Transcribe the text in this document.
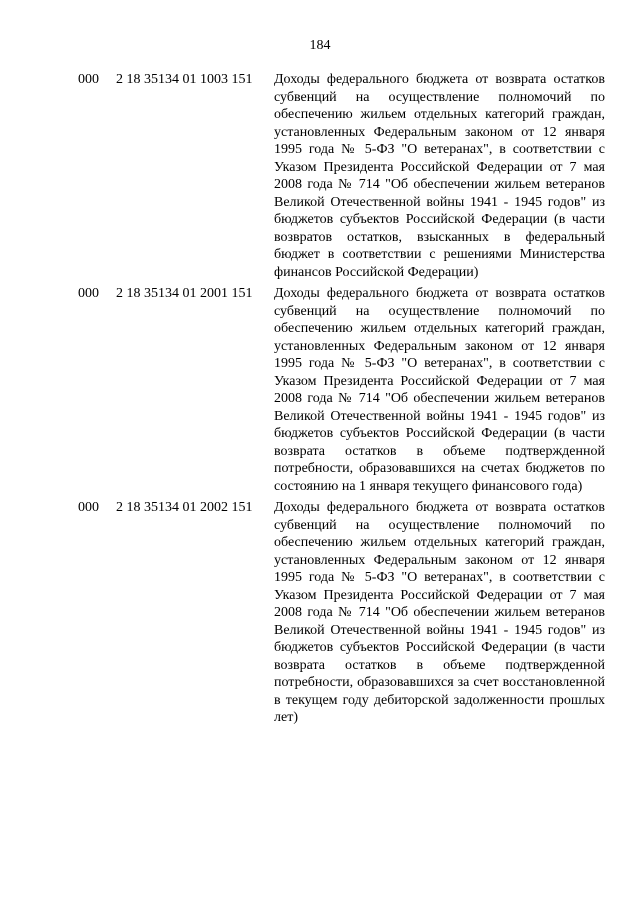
184
000 2 18 35134 01 1003 151 Доходы федерального бюджета от возврата остатков субвенций на осуществление полномочий по обеспечению жильем отдельных категорий граждан, установленных Федеральным законом от 12 января 1995 года № 5-ФЗ "О ветеранах", в соответствии с Указом Президента Российской Федерации от 7 мая 2008 года № 714 "Об обеспечении жильем ветеранов Великой Отечественной войны 1941 - 1945 годов" из бюджетов субъектов Российской Федерации (в части возвратов остатков, взысканных в федеральный бюджет в соответствии с решениями Министерства финансов Российской Федерации)
000 2 18 35134 01 2001 151 Доходы федерального бюджета от возврата остатков субвенций на осуществление полномочий по обеспечению жильем отдельных категорий граждан, установленных Федеральным законом от 12 января 1995 года № 5-ФЗ "О ветеранах", в соответствии с Указом Президента Российской Федерации от 7 мая 2008 года № 714 "Об обеспечении жильем ветеранов Великой Отечественной войны 1941 - 1945 годов" из бюджетов субъектов Российской Федерации (в части возврата остатков в объеме подтвержденной потребности, образовавшихся на счетах бюджетов по состоянию на 1 января текущего финансового года)
000 2 18 35134 01 2002 151 Доходы федерального бюджета от возврата остатков субвенций на осуществление полномочий по обеспечению жильем отдельных категорий граждан, установленных Федеральным законом от 12 января 1995 года № 5-ФЗ "О ветеранах", в соответствии с Указом Президента Российской Федерации от 7 мая 2008 года № 714 "Об обеспечении жильем ветеранов Великой Отечественной войны 1941 - 1945 годов" из бюджетов субъектов Российской Федерации (в части возврата остатков в объеме подтвержденной потребности, образовавшихся за счет восстановленной в текущем году дебиторской задолженности прошлых лет)
